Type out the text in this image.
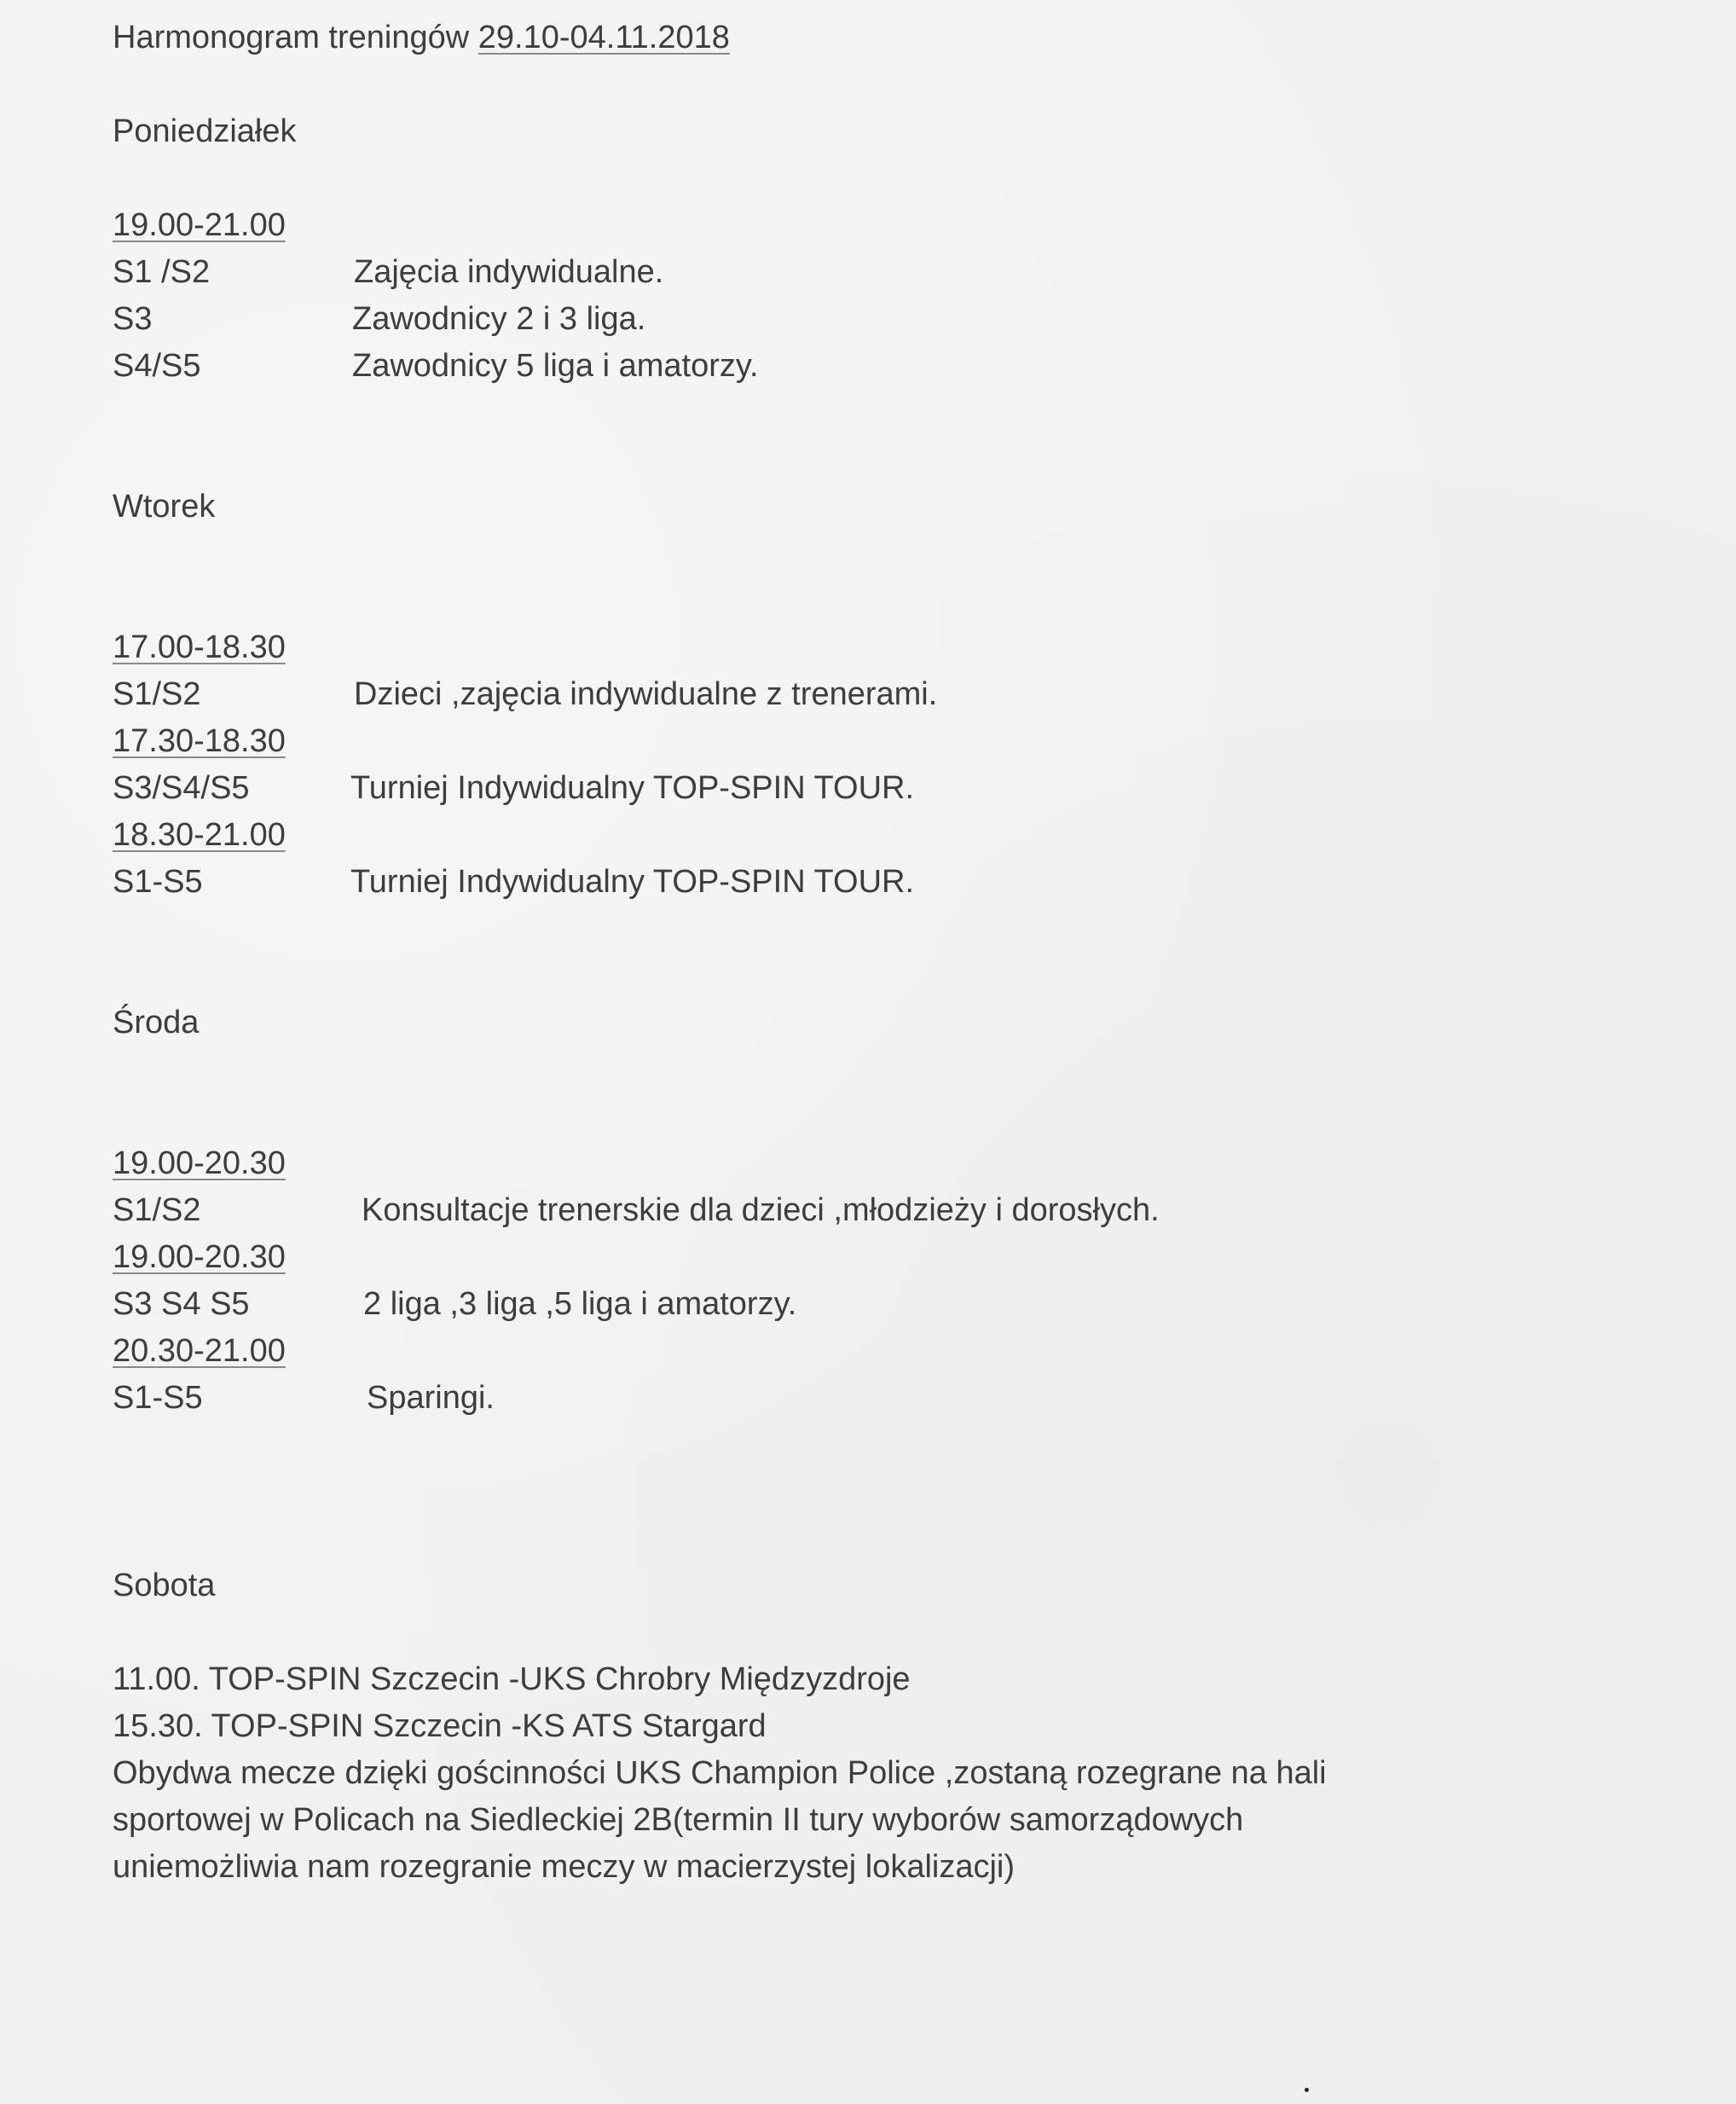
Harmonogram treningów 29.10-04.11.2018
Poniedziałek
19.00-21.00
S1 /S2	Zajęcia indywidualne.
S3	Zawodnicy 2 i 3 liga.
S4/S5	Zawodnicy 5 liga i amatorzy.
Wtorek
17.00-18.30
S1/S2	Dzieci ,zajęcia indywidualne z trenerami.
17.30-18.30
S3/S4/S5	Turniej Indywidualny TOP-SPIN TOUR.
18.30-21.00
S1-S5	Turniej Indywidualny TOP-SPIN TOUR.
Środa
19.00-20.30
S1/S2	Konsultacje trenerskie dla dzieci ,młodzieży i dorosłych.
19.00-20.30
S3 S4 S5	2 liga ,3 liga ,5 liga i amatorzy.
20.30-21.00
S1-S5	Sparingi.
Sobota
11.00. TOP-SPIN Szczecin -UKS Chrobry Międzyzdroje
15.30. TOP-SPIN Szczecin -KS ATS Stargard
Obydwa mecze dzięki gościnności UKS Champion Police ,zostaną rozegrane na hali
sportowej w Policach na Siedleckiej 2B(termin II tury wyborów samorządowych
uniemożliwia nam rozegranie meczy w macierzystej lokalizacji)
